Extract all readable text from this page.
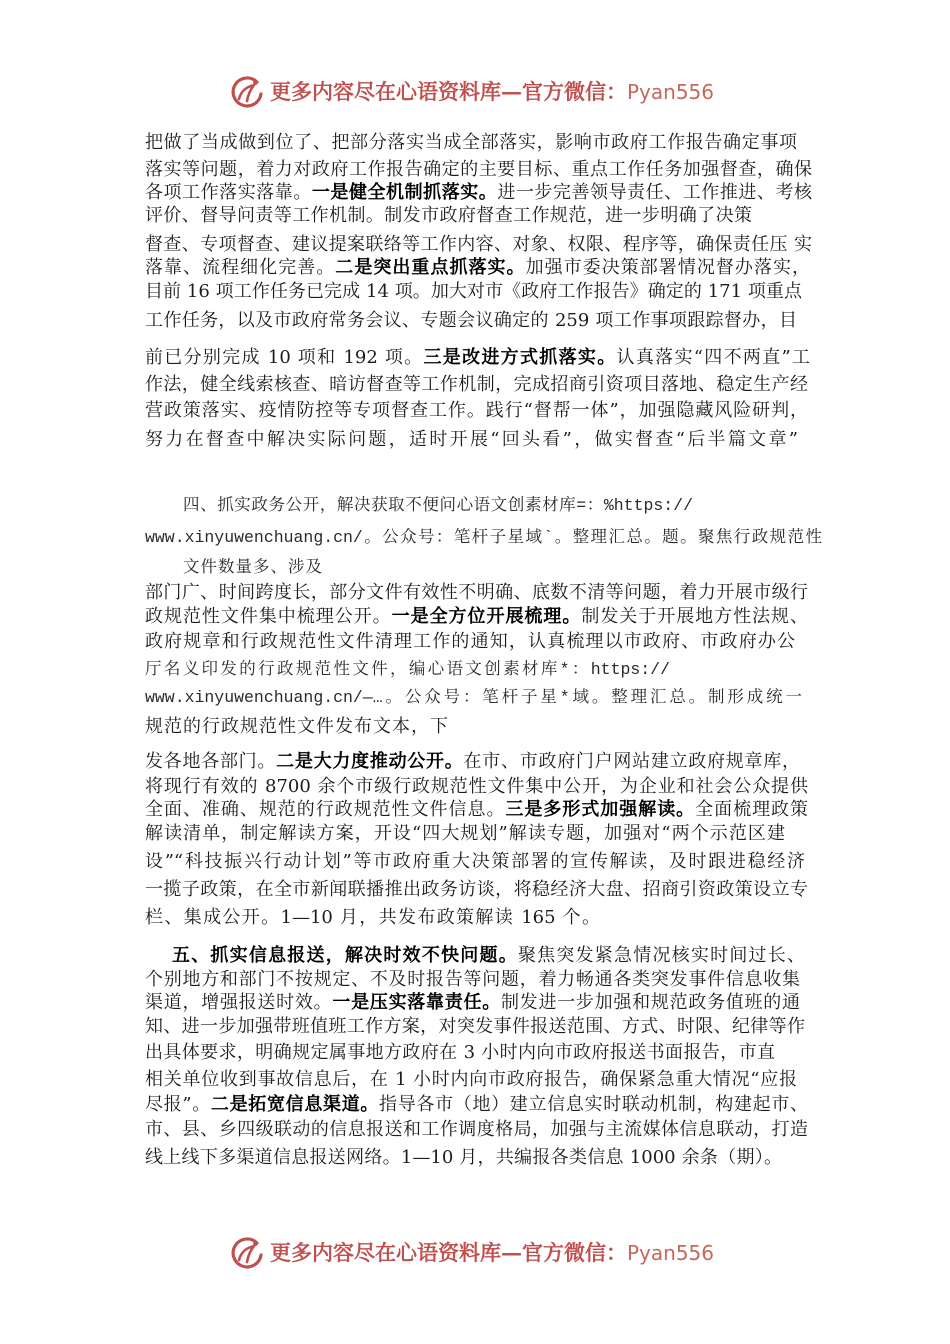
更多内容尽在心语资料库—官方微信： Pyan556
把做了当成做到位了、把部分落实当成全部落实，影响市政府工作报告确定事项
落实等问题，着力对政府工作报告确定的主要目标、重点工作任务加强督查，确保
各项工作落实落靠。一是健全机制抓落实。进一步完善领导责任、工作推进、考核
评价、督导问责等工作机制。制发市政府督查工作规范，进一步明确了决策
督查、专项督查、建议提案联络等工作内容、对象、权限、程序等，确保责任压 实
落靠、流程细化完善。二是突出重点抓落实。加强市委决策部署情况督办落实，
目前 16 项工作任务已完成 14 项。加大对市《政府工作报告》确定的 171 项重点
工作任务，以及市政府常务会议、专题会议确定的 259 项工作事项跟踪督办，目
前已分别完成 10 项和 192 项。三是改进方式抓落实。认真落实“四不两直”工
作法，健全线索核查、暗访督查等工作机制，完成招商引资项目落地、稳定生产经
营政策落实、疫情防控等专项督查工作。践行“督帮一体”，加强隐藏风险研判，
努力在督查中解决实际问题，适时开展“回头看”，做实督查“后半篇文章”
四、抓实政务公开，解决获取不便问心语文创素材库=：%https://
www.xinyuwenchuang.cn/。公众号：笔杆子星域`。整理汇总。题。聚焦行政规范性
文件数量多、涉及
部门广、时间跨度长，部分文件有效性不明确、底数不清等问题，着力开展市级行
政规范性文件集中梳理公开。一是全方位开展梳理。制发关于开展地方性法规、
政府规章和行政规范性文件清理工作的通知，认真梳理以市政府、市政府办公
厅名义印发的行政规范性文件，编心语文创素材库*：https://
www.xinyuwenchuang.cn/—…。公众号：笔杆子星*域。整理汇总。制形成统一
规范的行政规范性文件发布文本，下
发各地各部门。二是大力度推动公开。在市、市政府门户网站建立政府规章库，
将现行有效的 8700 余个市级行政规范性文件集中公开，为企业和社会公众提供
全面、准确、规范的行政规范性文件信息。三是多形式加强解读。全面梳理政策
解读清单，制定解读方案，开设“四大规划”解读专题，加强对“两个示范区建
设”“科技振兴行动计划”等市政府重大决策部署的宣传解读，及时跟进稳经济
一揽子政策，在全市新闻联播推出政务访谈，将稳经济大盘、招商引资政策设立专
栏、集成公开。1—10 月，共发布政策解读 165 个。
五、抓实信息报送，解决时效不快问题。聚焦突发紧急情况核实时间过长、
个别地方和部门不按规定、不及时报告等问题，着力畅通各类突发事件信息收集
渠道，增强报送时效。一是压实落靠责任。制发进一步加强和规范政务值班的通
知、进一步加强带班值班工作方案，对突发事件报送范围、方式、时限、纪律等作
出具体要求，明确规定属事地方政府在 3 小时内向市政府报送书面报告，市直
相关单位收到事故信息后，在 1 小时内向市政府报告，确保紧急重大情况“应报
尽报”。二是拓宽信息渠道。指导各市（地）建立信息实时联动机制，构建起市、
市、县、乡四级联动的信息报送和工作调度格局，加强与主流媒体信息联动，打造
线上线下多渠道信息报送网络。1—10 月，共编报各类信息 1000 余条（期）。
更多内容尽在心语资料库—官方微信： Pyan556
